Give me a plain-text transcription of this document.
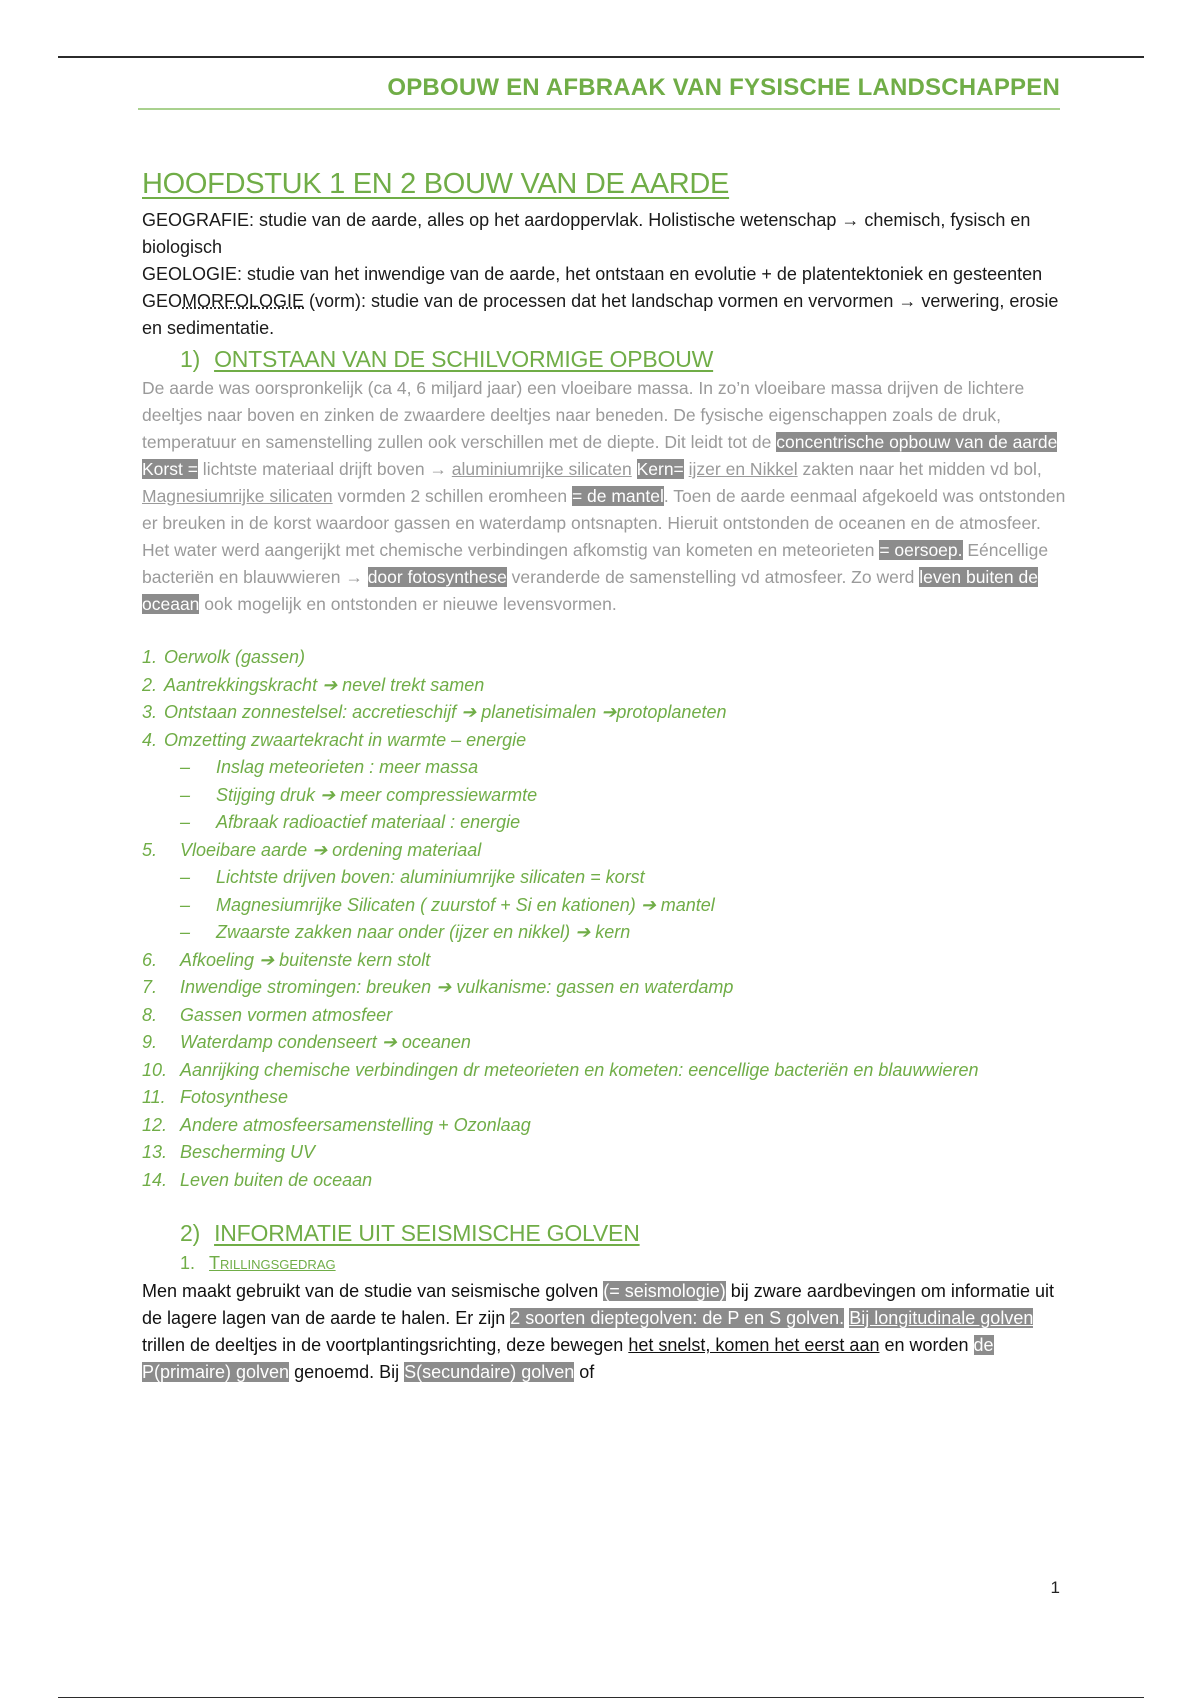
OPBOUW EN AFBRAAK VAN FYSISCHE LANDSCHAPPEN
HOOFDSTUK 1 EN 2 BOUW VAN DE AARDE

GEOGRAFIE: studie van de aarde, alles op het aardoppervlak. Holistische wetenschap → chemisch, fysisch en biologisch

GEOLOGIE: studie van het inwendige van de aarde, het ontstaan en evolutie + de platentektoniek en gesteenten

GEOMORFOLOGIE (vorm): studie van de processen dat het landschap vormen en vervormen → verwering, erosie en sedimentatie.

1) ONTSTAAN VAN DE SCHILVORMIGE OPBOUW

De aarde was oorspronkelijk (ca 4, 6 miljard jaar) een vloeibare massa. In zo’n vloeibare massa drijven de lichtere deeltjes naar boven en zinken de zwaardere deeltjes naar beneden. De fysische eigenschappen zoals de druk, temperatuur en samenstelling zullen ook verschillen met de diepte. Dit leidt tot de concentrische opbouw van de aarde Korst = lichtste materiaal drijft boven → aluminiumrijke silicaten Kern= ijzer en Nikkel zakten naar het midden vd bol, Magnesiumrijke silicaten vormden 2 schillen eromheen = de mantel. Toen de aarde eenmaal afgekoeld was ontstonden er breuken in de korst waardoor gassen en waterdamp ontsnapten. Hieruit ontstonden de oceanen en de atmosfeer. Het water werd aangerijkt met chemische verbindingen afkomstig van kometen en meteorieten = oersoep. Eéncellige bacteriën en blauwwieren → door fotosynthese veranderde de samenstelling vd atmosfeer. Zo werd leven buiten de oceaan ook mogelijk en ontstonden er nieuwe levensvormen.

1. Oerwolk (gassen)
2. Aantrekkingskracht ➔ nevel trekt samen
3. Ontstaan zonnestelsel: accretieschijf ➔ planetisimalen ➔protoplaneten
4. Omzetting zwaartekracht in warmte – energie
–	Inslag meteorieten : meer massa
–	Stijging druk ➔ meer compressiewarmte
–	Afbraak radioactief materiaal : energie
5.	Vloeibare aarde ➔ ordening materiaal
–	Lichtste drijven boven: aluminiumrijke silicaten = korst
–	Magnesiumrijke Silicaten ( zuurstof + Si en kationen) ➔ mantel
–	Zwaarste zakken naar onder (ijzer en nikkel) ➔ kern
6.	Afkoeling ➔ buitenste kern stolt
7.	Inwendige stromingen: breuken ➔ vulkanisme: gassen en waterdamp
8.	Gassen vormen atmosfeer
9.	Waterdamp condenseert ➔ oceanen
10. Aanrijking chemische verbindingen dr meteorieten en kometen: eencellige bacteriën en blauwwieren
11. Fotosynthese
12. Andere atmosfeersamenstelling + Ozonlaag
13. Bescherming UV
14. Leven buiten de oceaan
2) INFORMATIE UIT SEISMISCHE GOLVEN
1. Trillingsgedrag

Men maakt gebruikt van de studie van seismische golven (= seismologie) bij zware aardbevingen om informatie uit de lagere lagen van de aarde te halen. Er zijn 2 soorten dieptegolven: de P en S golven. Bij longitudinale golven trillen de deeltjes in de voortplantingsrichting, deze bewegen het snelst, komen het eerst aan en worden de P(primaire) golven genoemd. Bij S(secundaire) golven of

1
